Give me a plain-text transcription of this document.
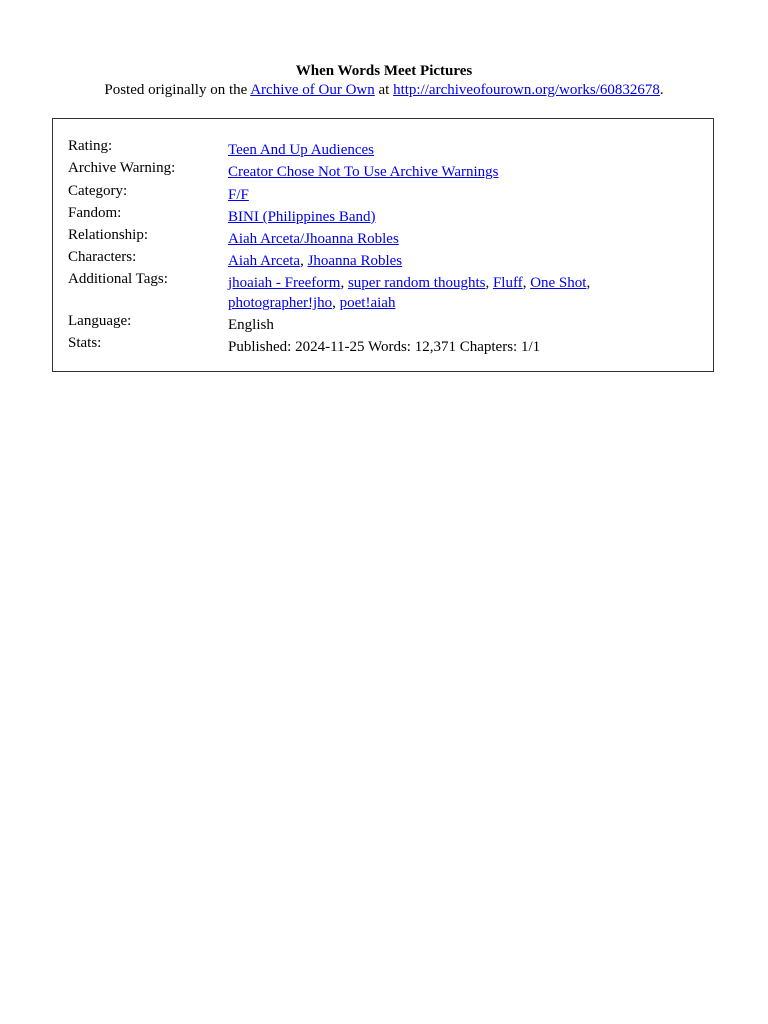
When Words Meet Pictures
Posted originally on the Archive of Our Own at http://archiveofourown.org/works/60832678.
Rating:	Teen And Up Audiences
Archive Warning:	Creator Chose Not To Use Archive Warnings
Category:	F/F
Fandom:	BINI (Philippines Band)
Relationship:	Aiah Arceta/Jhoanna Robles
Characters:	Aiah Arceta, Jhoanna Robles
Additional Tags:	jhoaiah - Freeform, super random thoughts, Fluff, One Shot,
photographer!jho, poet!aiah
Language:	English
Stats:	Published: 2024-11-25 Words: 12,371 Chapters: 1/1
